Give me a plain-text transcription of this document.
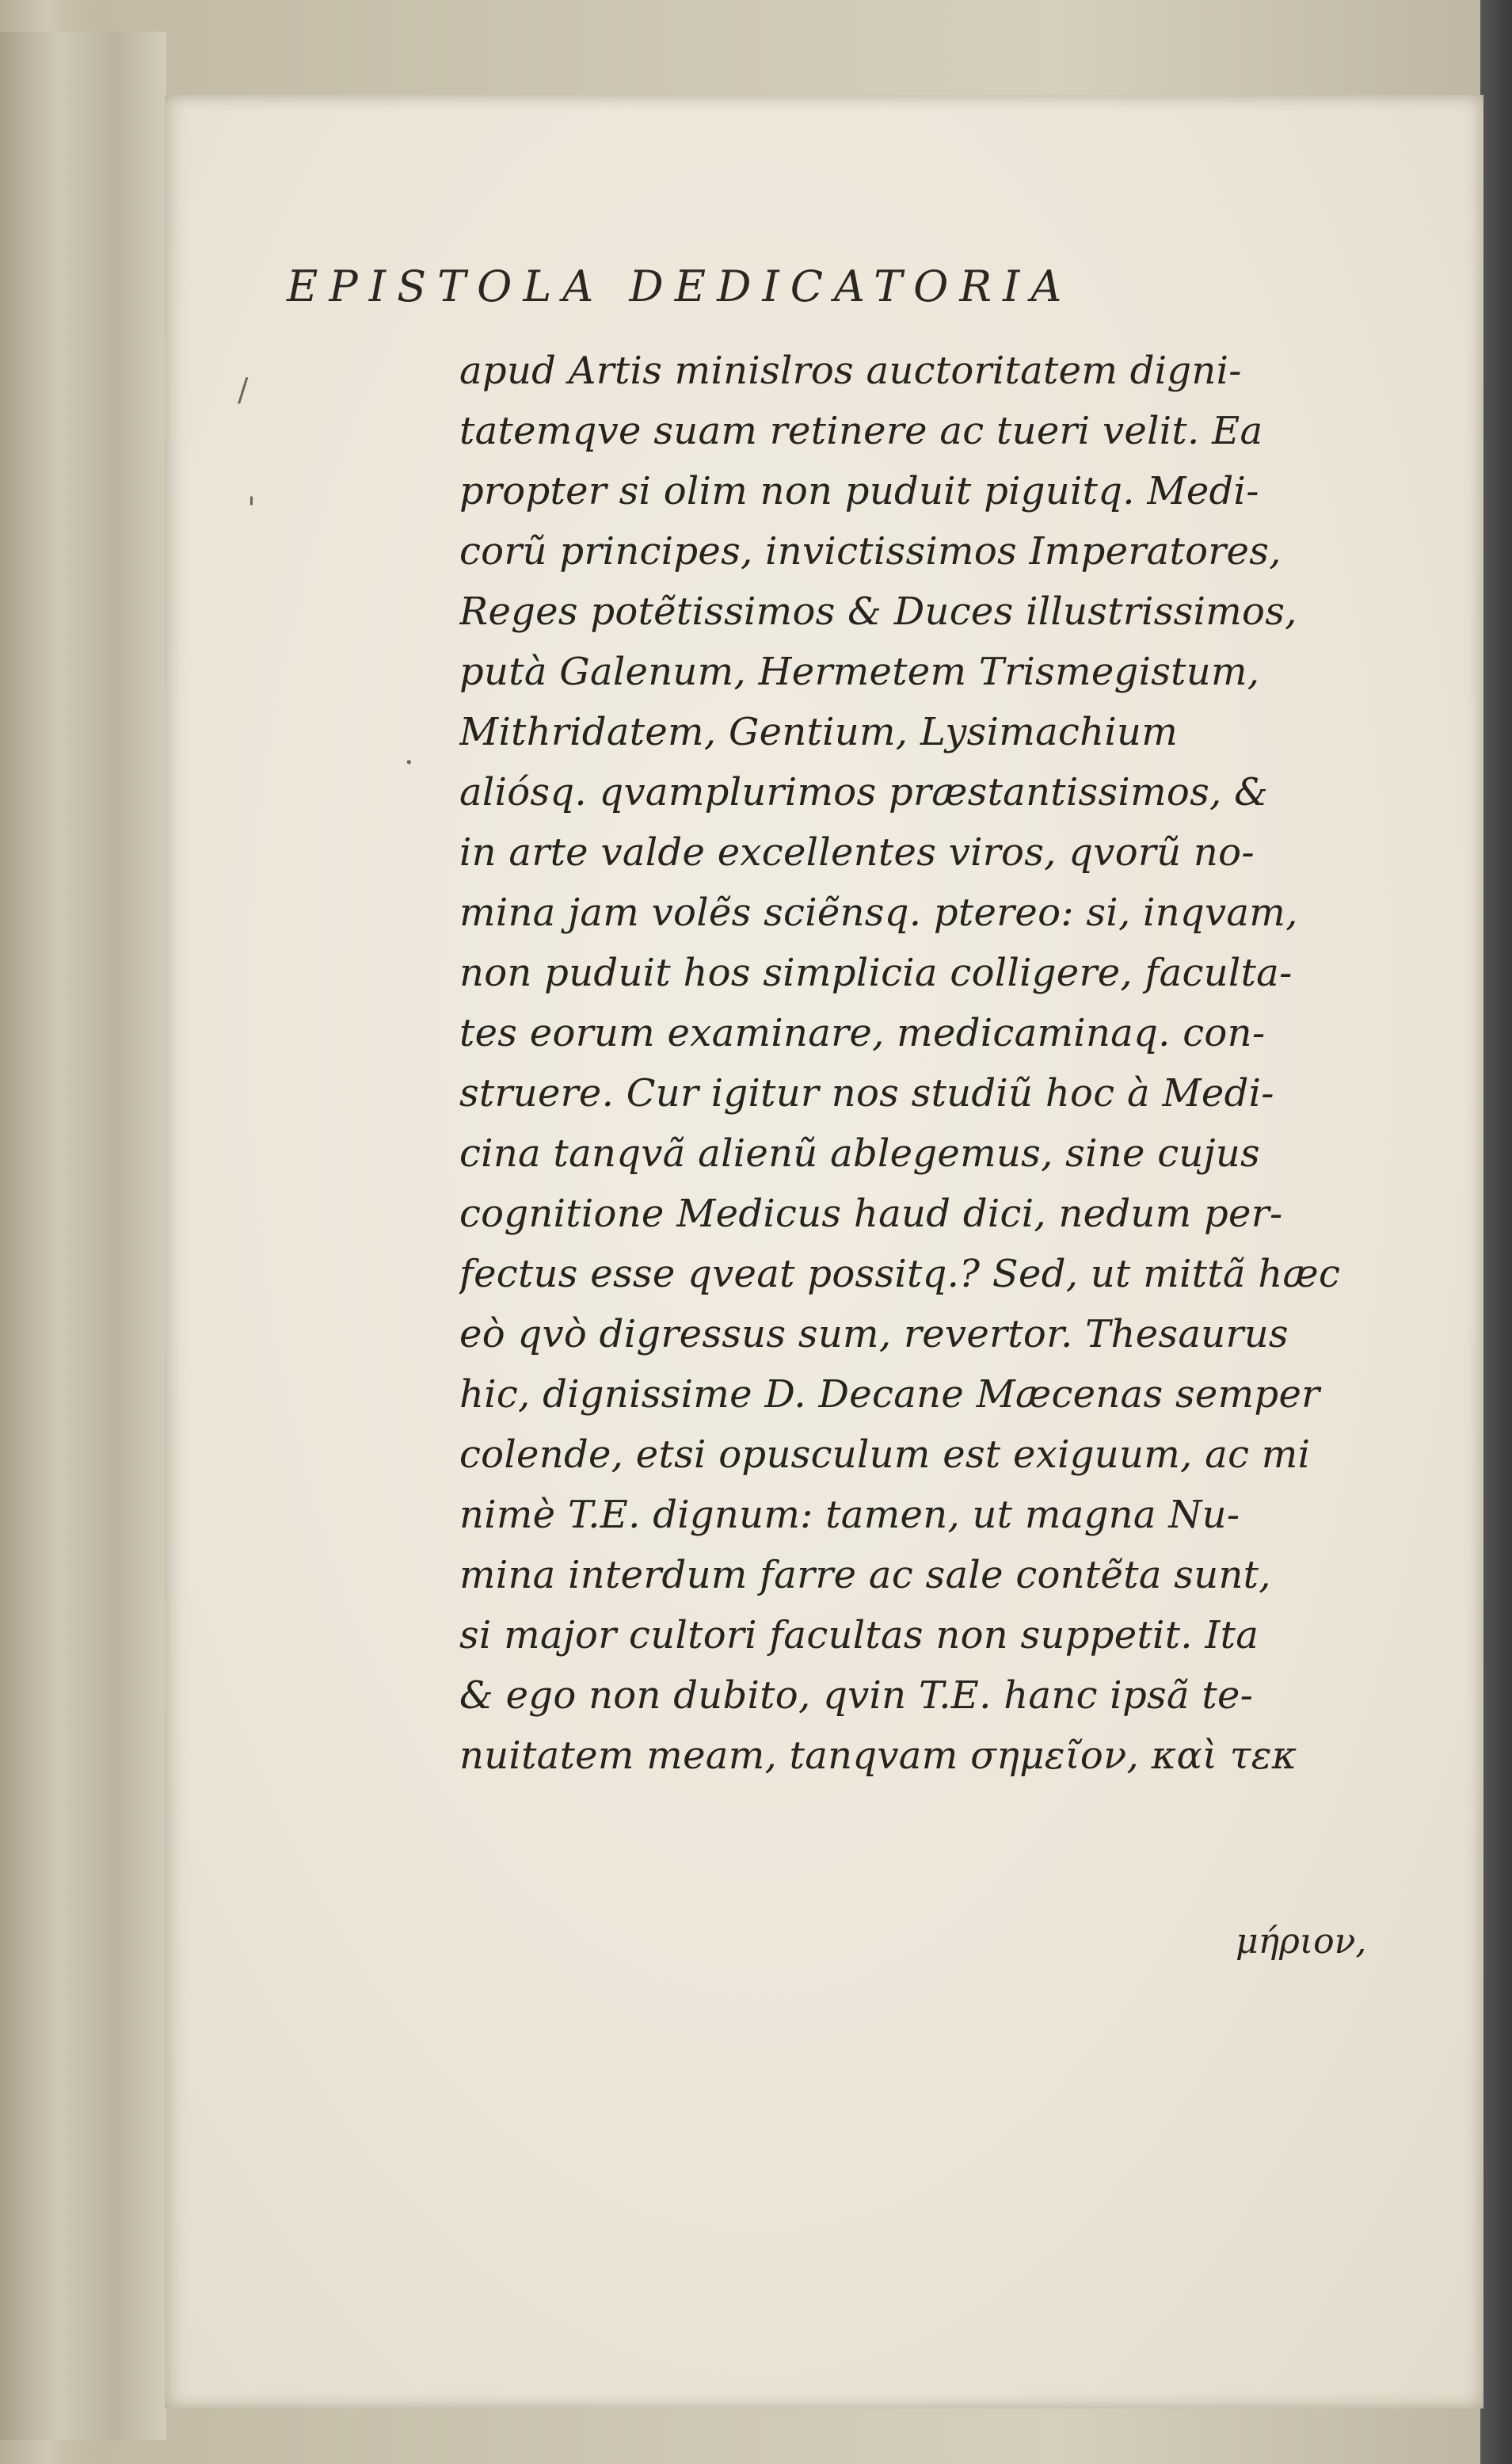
EPISTOLA DEDICATORIA
apud Artis minislros auctoritatem digni-
tatemqve suam retinere ac tueri velit. Ea
propter si olim non puduit piguitq. Medi-
corũ principes, invictissimos Imperatores,
Reges potẽtissimos & Duces illustrissimos,
putà Galenum, Hermetem Trismegistum,
Mithridatem, Gentium, Lysimachium
aliósq. qvamplurimos præstantissimos, &
in arte valde excellentes viros, qvorũ no-
mina jam volẽs sciẽnsq. ptereo: si, inqvam,
non puduit hos simplicia colligere, faculta-
tes eorum examinare, medicaminaq. con-
struere. Cur igitur nos studiũ hoc à Medi-
cina tanqvã alienũ ablegemus, sine cujus
cognitione Medicus haud dici, nedum per-
fectus esse qveat possitq.? Sed, ut mittã hæc
eò qvò digressus sum, revertor. Thesaurus
hic, dignissime D. Decane Mæcenas semper
colende, etsi opusculum est exiguum, ac mi
nimè T.E. dignum: tamen, ut magna Nu-
mina interdum farre ac sale contẽta sunt,
si major cultori facultas non suppetit. Ita
& ego non dubito, qvin T.E. hanc ipsã te-
nuitatem meam, tanqvam σημεῖον, καὶ τεκ
μήριον,
/
'
·
